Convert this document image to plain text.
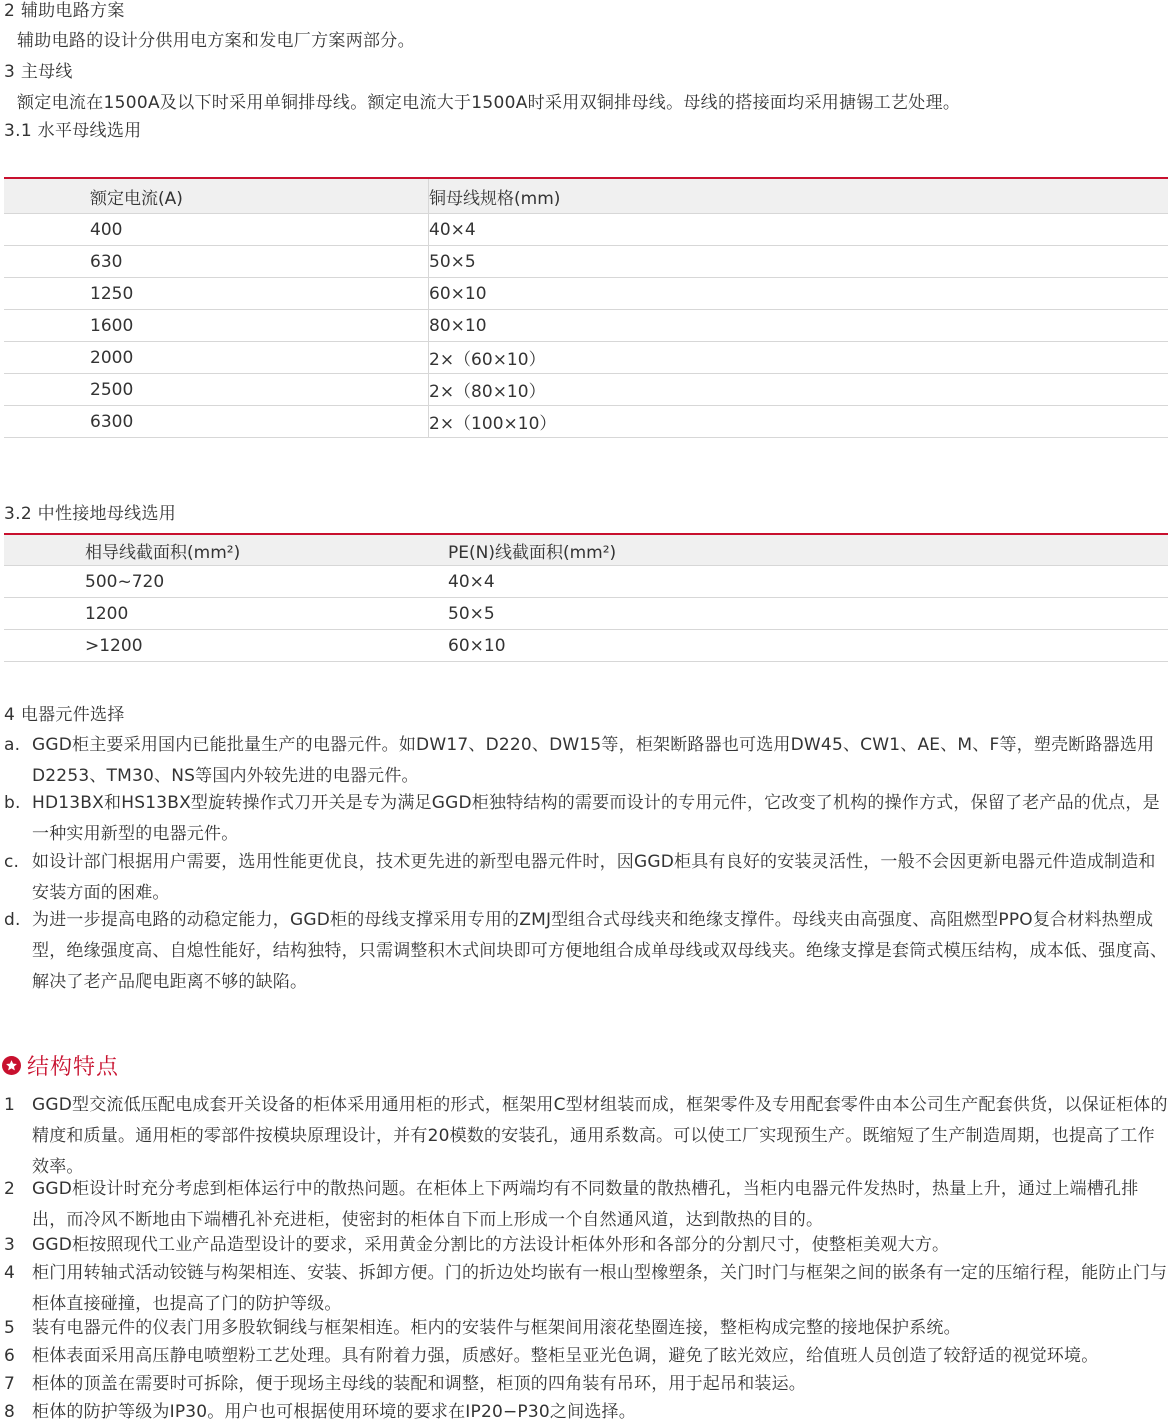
2 辅助电路方案
辅助电路的设计分供用电方案和发电厂方案两部分。
3 主母线
额定电流在1500A及以下时采用单铜排母线。额定电流大于1500A时采用双铜排母线。母线的搭接面均采用搪锡工艺处理。
3.1 水平母线选用
额定电流(A)	铜母线规格(mm)
400	40×4
630	50×5
1250	60×10
1600	80×10
2000	2×（60×10）
2500	2×（80×10）
6300	2×（100×10）
3.2 中性接地母线选用
相导线截面积(mm²)	PE(N)线截面积(mm²)
500~720	40×4
1200	50×5
>1200	60×10
4 电器元件选择
a. GGD柜主要采用国内已能批量生产的电器元件。如DW17、D220、DW15等，柜架断路器也可选用DW45、CW1、AE、M、F等，塑壳断路器选用D2253、TM30、NS等国内外较先进的电器元件。
b. HD13BX和HS13BX型旋转操作式刀开关是专为满足GGD柜独特结构的需要而设计的专用元件，它改变了机构的操作方式，保留了老产品的优点，是一种实用新型的电器元件。
c. 如设计部门根据用户需要，选用性能更优良，技术更先进的新型电器元件时，因GGD柜具有良好的安装灵活性，一般不会因更新电器元件造成制造和安装方面的困难。
d. 为进一步提高电路的动稳定能力，GGD柜的母线支撑采用专用的ZMJ型组合式母线夹和绝缘支撑件。母线夹由高强度、高阻燃型PPO复合材料热塑成型，绝缘强度高、自熄性能好，结构独特，只需调整积木式间块即可方便地组合成单母线或双母线夹。绝缘支撑是套筒式模压结构，成本低、强度高、解决了老产品爬电距离不够的缺陷。
结构特点
1 GGD型交流低压配电成套开关设备的柜体采用通用柜的形式，框架用C型材组装而成，框架零件及专用配套零件由本公司生产配套供货，以保证柜体的精度和质量。通用柜的零部件按模块原理设计，并有20模数的安装孔，通用系数高。可以使工厂实现预生产。既缩短了生产制造周期，也提高了工作效率。
2 GGD柜设计时充分考虑到柜体运行中的散热问题。在柜体上下两端均有不同数量的散热槽孔，当柜内电器元件发热时，热量上升，通过上端槽孔排出，而冷风不断地由下端槽孔补充进柜，使密封的柜体自下而上形成一个自然通风道，达到散热的目的。
3 GGD柜按照现代工业产品造型设计的要求，采用黄金分割比的方法设计柜体外形和各部分的分割尺寸，使整柜美观大方。
4 柜门用转轴式活动铰链与构架相连、安装、拆卸方便。门的折边处均嵌有一根山型橡塑条，关门时门与框架之间的嵌条有一定的压缩行程，能防止门与柜体直接碰撞，也提高了门的防护等级。
5 装有电器元件的仪表门用多股软铜线与框架相连。柜内的安装件与框架间用滚花垫圈连接，整柜构成完整的接地保护系统。
6 柜体表面采用高压静电喷塑粉工艺处理。具有附着力强，质感好。整柜呈亚光色调，避免了眩光效应，给值班人员创造了较舒适的视觉环境。
7 柜体的顶盖在需要时可拆除，便于现场主母线的装配和调整，柜顶的四角装有吊环，用于起吊和装运。
8 柜体的防护等级为IP30。用户也可根据使用环境的要求在IP20−P30之间选择。
